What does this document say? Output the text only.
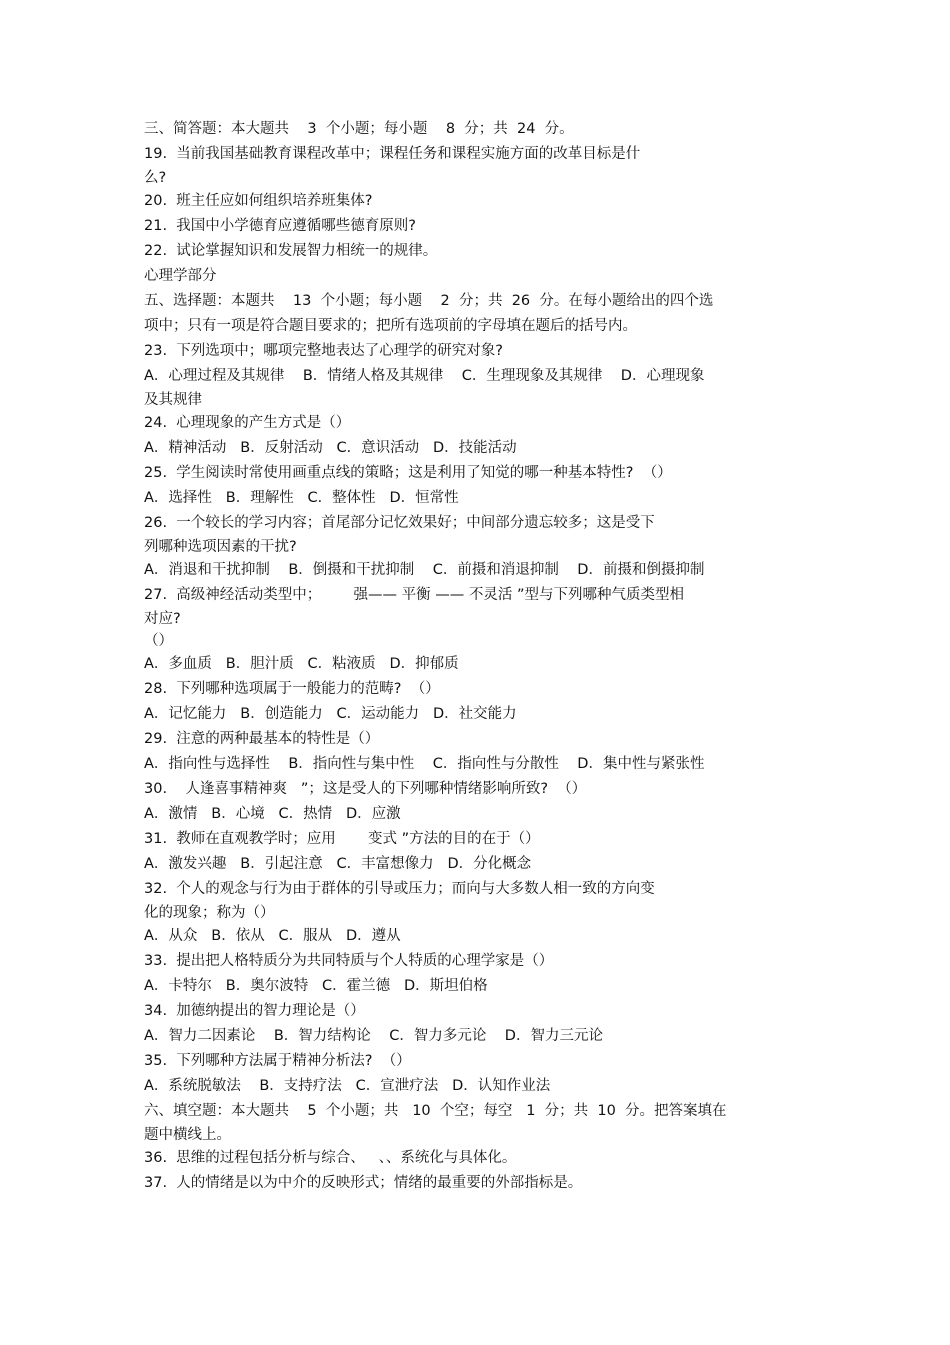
三、简答题：本大题共    3  个小题；每小题    8  分；共  24  分。
19.  当前我国基础教育课程改革中；课程任务和课程实施方面的改革目标是什
么?
20.  班主任应如何组织培养班集体?
21.  我国中小学德育应遵循哪些德育原则?
22.  试论掌握知识和发展智力相统一的规律。
心理学部分
五、选择题：本题共    13  个小题；每小题    2  分；共  26  分。在每小题给出的四个选
项中；只有一项是符合题目要求的；把所有选项前的字母填在题后的括号内。
23.  下列选项中；哪项完整地表达了心理学的研究对象?
A．心理过程及其规律    B．情绪人格及其规律    C．生理现象及其规律    D．心理现象
及其规律
24.  心理现象的产生方式是（）
A．精神活动   B．反射活动   C．意识活动   D．技能活动
25.  学生阅读时常使用画重点线的策略；这是利用了知觉的哪一种基本特性?  （）
A．选择性   B．理解性   C．整体性   D．恒常性
26.  一个较长的学习内容；首尾部分记忆效果好；中间部分遗忘较多；这是受下
列哪种选项因素的干扰?
A．消退和干扰抑制    B．倒摄和干扰抑制    C．前摄和消退抑制    D．前摄和倒摄抑制
27.  高级神经活动类型中；       强—— 平衡 —— 不灵活 ”型与下列哪种气质类型相
对应?
（）
A．多血质   B．胆汁质   C．粘液质   D．抑郁质
28.  下列哪种选项属于一般能力的范畴?  （）
A．记忆能力   B．创造能力   C．运动能力   D．社交能力
29.  注意的两种最基本的特性是（）
A．指向性与选择性    B．指向性与集中性    C．指向性与分散性    D．集中性与紧张性
30.    人逢喜事精神爽   ”；这是受人的下列哪种情绪影响所致?  （）
A．激情   B．心境   C．热情   D．应激
31.  教师在直观教学时；应用       变式 ”方法的目的在于（）
A．激发兴趣   B．引起注意   C．丰富想像力   D．分化概念
32.  个人的观念与行为由于群体的引导或压力；而向与大多数人相一致的方向变
化的现象；称为（）
A．从众   B．依从   C．服从   D．遵从
33.  提出把人格特质分为共同特质与个人特质的心理学家是（）
A．卡特尔   B．奥尔波特   C．霍兰德   D．斯坦伯格
34.  加德纳提出的智力理论是（）
A．智力二因素论    B．智力结构论    C．智力多元论    D．智力三元论
35.  下列哪种方法属于精神分析法?  （）
A．系统脱敏法    B．支持疗法   C．宣泄疗法   D．认知作业法
六、填空题：本大题共    5  个小题；共   10  个空；每空   1  分；共  10  分。把答案填在
题中横线上。
36.  思维的过程包括分析与综合、   、、系统化与具体化。
37.  人的情绪是以为中介的反映形式；情绪的最重要的外部指标是。
